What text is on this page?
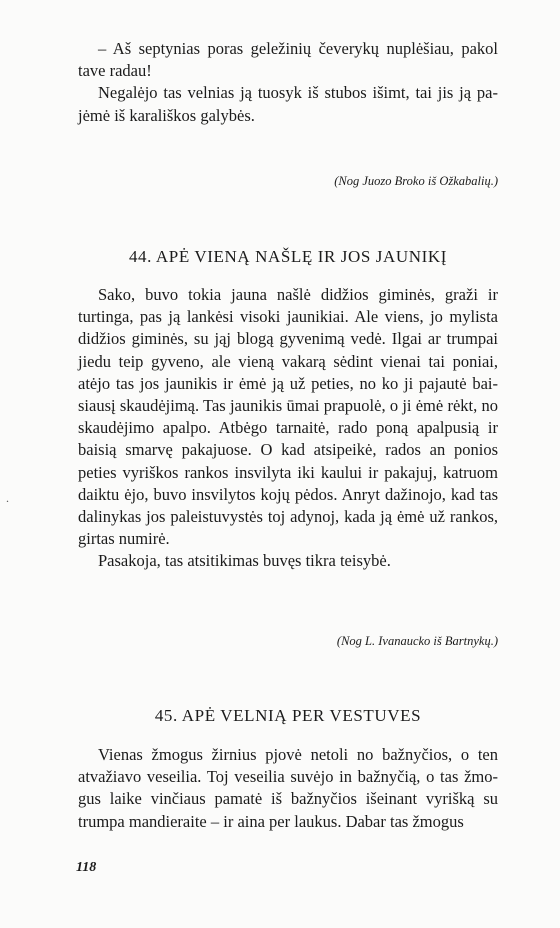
– Aš septynias poras geležinių čeverykų nuplėšiau, pakol tave radau!

Negalėjo tas velnias ją tuosyk iš stubos išimt, tai jis ją pajėmė iš karališkos galybės.

(Nog Juozo Broko iš Ožkabalių.)

44. APĖ VIENĄ NAŠLĘ IR JOS JAUNIKĮ

Sako, buvo tokia jauna našlė didžios giminės, graži ir turtinga, pas ją lankėsi visoki jaunikiai. Ale viens, jo mylista didžios giminės, su jąj blogą gyvenimą vedė. Ilgai ar trumpai jiedu teip gyveno, ale vieną vakarą sėdint vienai tai poniai, atėjo tas jos jaunikis ir ėmė ją už peties, no ko ji pajautė baisiausį skaudėjimą. Tas jaunikis ūmai prapuolė, o ji ėmė rėkt, no skaudėjimo apalpo. Atbėgo tarnaitė, rado poną apalpusią ir baisią smarvę pakajuose. O kad atsipeikė, rados an ponios peties vyriškos rankos insvilyta iki kaului ir pakajuj, katruom daiktu ėjo, buvo insvilytos kojų pėdos. Anryt dažinojo, kad tas dalinykas jos paleistuvystės toj adynoj, kada ją ėmė už rankos, girtas numirė.

Pasakoja, tas atsitikimas buvęs tikra teisybė.

(Nog L. Ivanaucko iš Bartnykų.)

45. APĖ VELNIĄ PER VESTUVES

Vienas žmogus žirnius pjovė netoli no bažnyčios, o ten atvažiavo veseilia. Toj veseilia suvėjo in bažnyčią, o tas žmogus laike vinčiaus pamatė iš bažnyčios išeinant vyrišką su trumpa mandieraite – ir aina per laukus. Dabar tas žmogus

118

.
